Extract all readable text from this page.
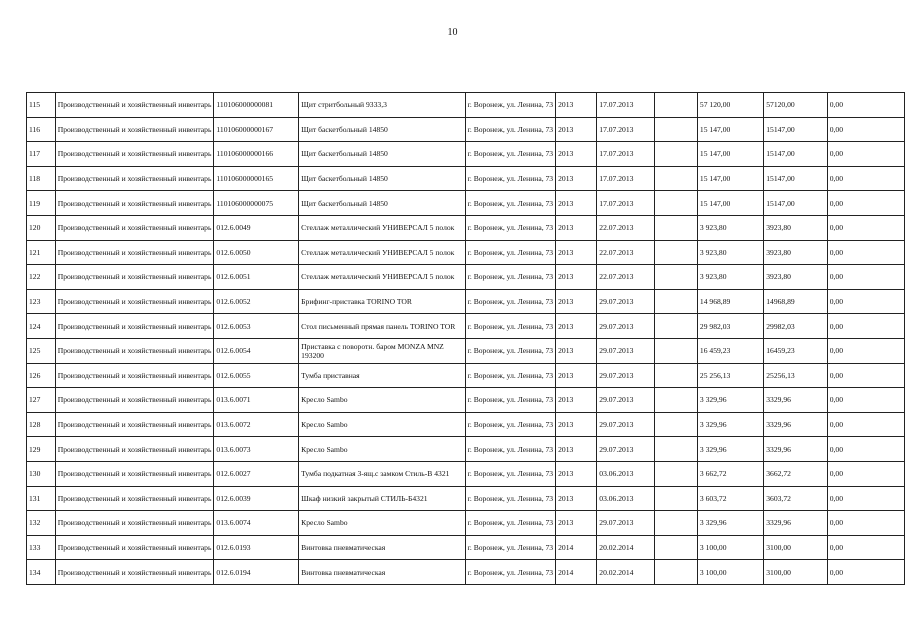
10
115	Производственный и хозяйственный инвентарь	110106000000081	Щит стритбольный 9333,3	г. Воронеж, ул. Ленина, 73	2013	17.07.2013		57 120,00	57120,00	0,00
116	Производственный и хозяйственный инвентарь	110106000000167	Щит баскетбольный 14850	г. Воронеж, ул. Ленина, 73	2013	17.07.2013		15 147,00	15147,00	0,00
117	Производственный и хозяйственный инвентарь	110106000000166	Щит баскетбольный 14850	г. Воронеж, ул. Ленина, 73	2013	17.07.2013		15 147,00	15147,00	0,00
118	Производственный и хозяйственный инвентарь	110106000000165	Щит баскетбольный 14850	г. Воронеж, ул. Ленина, 73	2013	17.07.2013		15 147,00	15147,00	0,00
119	Производственный и хозяйственный инвентарь	110106000000075	Щит баскетбольный 14850	г. Воронеж, ул. Ленина, 73	2013	17.07.2013		15 147,00	15147,00	0,00
120	Производственный и хозяйственный инвентарь	012.6.0049	Стеллаж металлический УНИВЕРСАЛ 5 полок	г. Воронеж, ул. Ленина, 73	2013	22.07.2013		3 923,80	3923,80	0,00
121	Производственный и хозяйственный инвентарь	012.6.0050	Стеллаж металлический УНИВЕРСАЛ 5 полок	г. Воронеж, ул. Ленина, 73	2013	22.07.2013		3 923,80	3923,80	0,00
122	Производственный и хозяйственный инвентарь	012.6.0051	Стеллаж металлический УНИВЕРСАЛ 5 полок	г. Воронеж, ул. Ленина, 73	2013	22.07.2013		3 923,80	3923,80	0,00
123	Производственный и хозяйственный инвентарь	012.6.0052	Брифинг-приставка TORINO TOR	г. Воронеж, ул. Ленина, 73	2013	29.07.2013		14 968,89	14968,89	0,00
124	Производственный и хозяйственный инвентарь	012.6.0053	Стол письменный прямая панель TORINO TOR	г. Воронеж, ул. Ленина, 73	2013	29.07.2013		29 982,03	29982,03	0,00
125	Производственный и хозяйственный инвентарь	012.6.0054	Приставка с поворотн. баром MONZA MNZ 193200	г. Воронеж, ул. Ленина, 73	2013	29.07.2013		16 459,23	16459,23	0,00
126	Производственный и хозяйственный инвентарь	012.6.0055	Тумба приставная	г. Воронеж, ул. Ленина, 73	2013	29.07.2013		25 256,13	25256,13	0,00
127	Производственный и хозяйственный инвентарь	013.6.0071	Кресло Sambo	г. Воронеж, ул. Ленина, 73	2013	29.07.2013		3 329,96	3329,96	0,00
128	Производственный и хозяйственный инвентарь	013.6.0072	Кресло Sambo	г. Воронеж, ул. Ленина, 73	2013	29.07.2013		3 329,96	3329,96	0,00
129	Производственный и хозяйственный инвентарь	013.6.0073	Кресло Sambo	г. Воронеж, ул. Ленина, 73	2013	29.07.2013		3 329,96	3329,96	0,00
130	Производственный и хозяйственный инвентарь	012.6.0027	Тумба подкатная 3-ящ.с замком Стиль-В 4321	г. Воронеж, ул. Ленина, 73	2013	03.06.2013		3 662,72	3662,72	0,00
131	Производственный и хозяйственный инвентарь	012.6.0039	Шкаф низкий закрытый СТИЛЬ-Б4321	г. Воронеж, ул. Ленина, 73	2013	03.06.2013		3 603,72	3603,72	0,00
132	Производственный и хозяйственный инвентарь	013.6.0074	Кресло Sambo	г. Воронеж, ул. Ленина, 73	2013	29.07.2013		3 329,96	3329,96	0,00
133	Производственный и хозяйственный инвентарь	012.6.0193	Винтовка пневматическая	г. Воронеж, ул. Ленина, 73	2014	20.02.2014		3 100,00	3100,00	0,00
134	Производственный и хозяйственный инвентарь	012.6.0194	Винтовка пневматическая	г. Воронеж, ул. Ленина, 73	2014	20.02.2014		3 100,00	3100,00	0,00
